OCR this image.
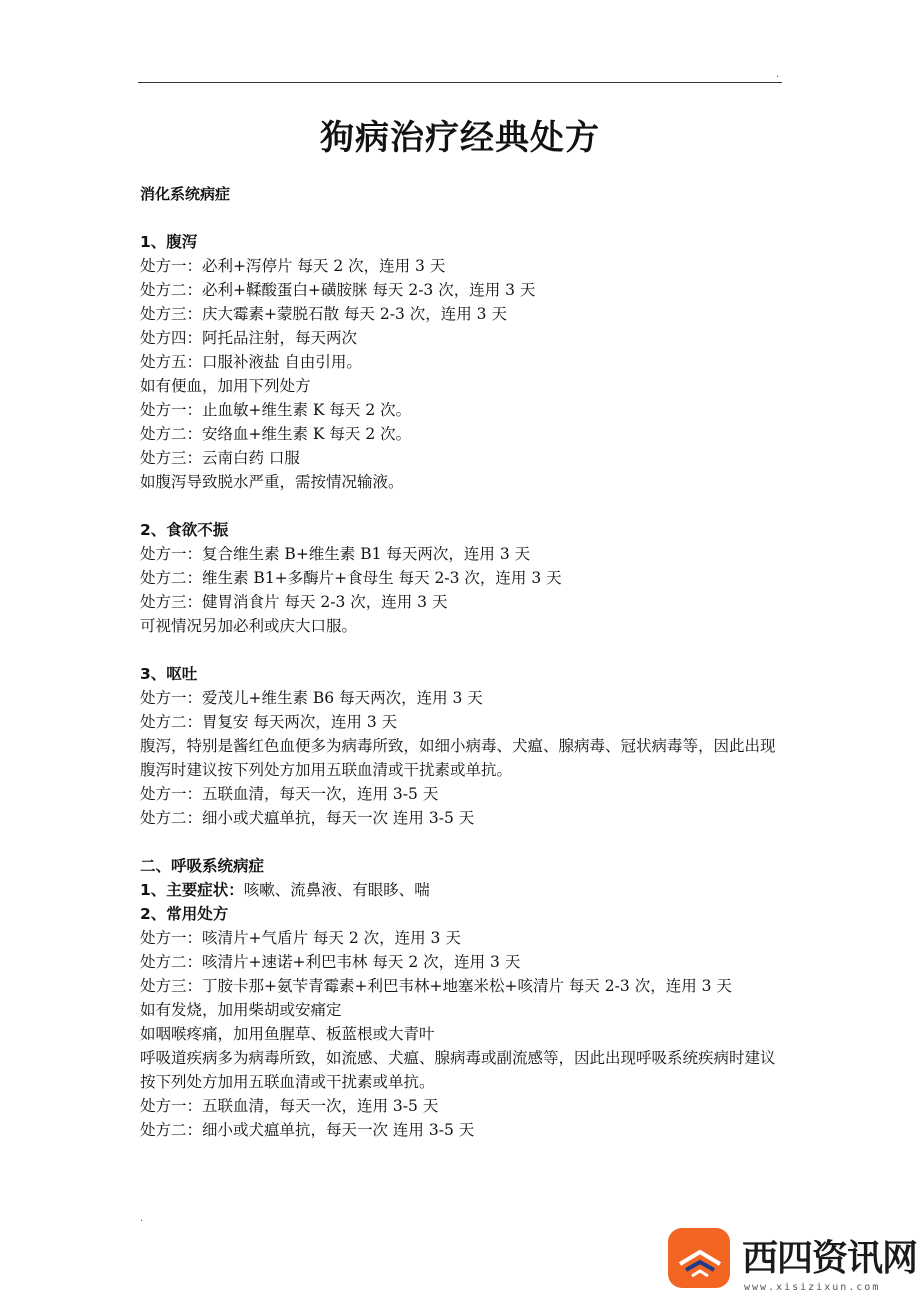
.
狗病治疗经典处方
消化系统病症
1、腹泻
处方一：必利+泻停片 每天 2 次，连用 3 天
处方二：必利+鞣酸蛋白+磺胺脒 每天 2-3 次，连用 3 天
处方三：庆大霉素+蒙脱石散 每天 2-3 次，连用 3 天
处方四：阿托品注射，每天两次
处方五：口服补液盐 自由引用。
如有便血，加用下列处方
处方一：止血敏+维生素 K 每天 2 次。
处方二：安络血+维生素 K 每天 2 次。
处方三：云南白药 口服
如腹泻导致脱水严重，需按情况输液。
2、食欲不振
处方一：复合维生素 B+维生素 B1 每天两次，连用 3 天
处方二：维生素 B1+多酶片+食母生 每天 2-3 次，连用 3 天
处方三：健胃消食片 每天 2-3 次，连用 3 天
可视情况另加必利或庆大口服。
3、呕吐
处方一：爱茂儿+维生素 B6 每天两次，连用 3 天
处方二：胃复安 每天两次，连用 3 天
腹泻，特别是酱红色血便多为病毒所致，如细小病毒、犬瘟、腺病毒、冠状病毒等，因此出现腹泻时建议按下列处方加用五联血清或干扰素或单抗。
处方一：五联血清，每天一次，连用 3-5 天
处方二：细小或犬瘟单抗，每天一次 连用 3-5 天
二、呼吸系统病症
1、主要症状：咳嗽、流鼻液、有眼眵、喘
2、常用处方
处方一：咳清片+气盾片 每天 2 次，连用 3 天
处方二：咳清片+速诺+利巴韦林 每天 2 次，连用 3 天
处方三：丁胺卡那+氨苄青霉素+利巴韦林+地塞米松+咳清片 每天 2-3 次，连用 3 天
如有发烧，加用柴胡或安痛定
如咽喉疼痛，加用鱼腥草、板蓝根或大青叶
呼吸道疾病多为病毒所致，如流感、犬瘟、腺病毒或副流感等，因此出现呼吸系统疾病时建议按下列处方加用五联血清或干扰素或单抗。
处方一：五联血清，每天一次，连用 3-5 天
处方二：细小或犬瘟单抗，每天一次 连用 3-5 天
.
西四资讯网
www.xisizixun.com
